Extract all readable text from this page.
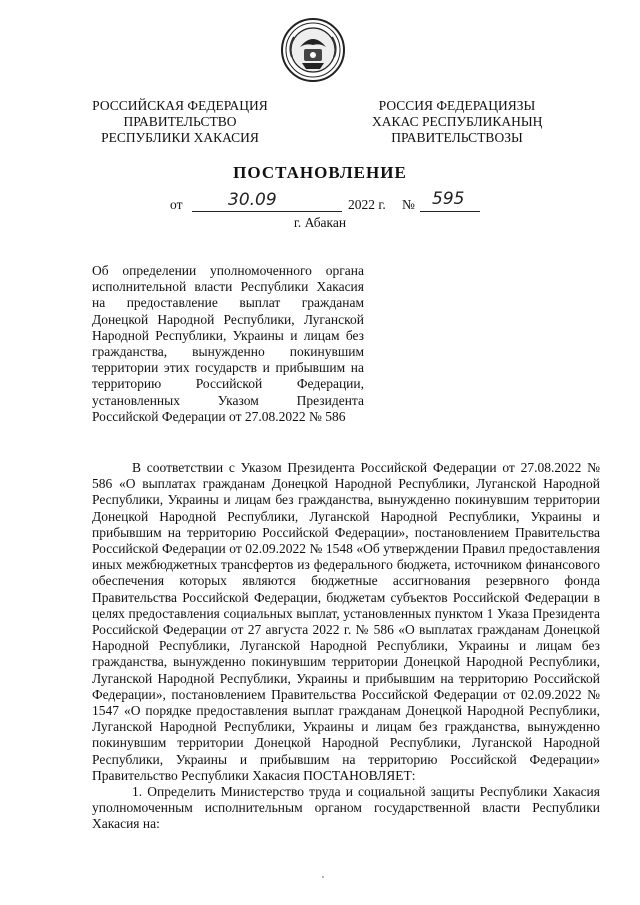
РОССИЙСКАЯ ФЕДЕРАЦИЯ
ПРАВИТЕЛЬСТВО
РЕСПУБЛИКИ ХАКАСИЯ
РОССИЯ ФЕДЕРАЦИЯЗЫ
ХАКАС РЕСПУБЛИКАНЫҢ
ПРАВИТЕЛЬСТВОЗЫ
ПОСТАНОВЛЕНИЕ
от	30.09	2022 г. № 595
г. Абакан
Об определении уполномоченного органа исполнительной власти Республики Хакасия на предоставление выплат гражданам Донецкой Народной Республики, Луганской Народной Республики, Украины и лицам без гражданства, вынужденно покинувшим территории этих государств и прибывшим на территорию Российской Федерации, установленных Указом Президента Российской Федерации от 27.08.2022 № 586

В соответствии с Указом Президента Российской Федерации от 27.08.2022 № 586 «О выплатах гражданам Донецкой Народной Республики, Луганской Народной Республики, Украины и лицам без гражданства, вынужденно покинувшим территории Донецкой Народной Республики, Луганской Народной Республики, Украины и прибывшим на территорию Российской Федерации», постановлением Правительства Российской Федерации от 02.09.2022 № 1548 «Об утверждении Правил предоставления иных межбюджетных трансфертов из федерального бюджета, источником финансового обеспечения которых являются бюджетные ассигнования резервного фонда Правительства Российской Федерации, бюджетам субъектов Российской Федерации в целях предоставления социальных выплат, установленных пунктом 1 Указа Президента Российской Федерации от 27 августа 2022 г. № 586 «О выплатах гражданам Донецкой Народной Республики, Луганской Народной Республики, Украины и лицам без гражданства, вынужденно покинувшим территории Донецкой Народной Республики, Луганской Народной Республики, Украины и прибывшим на территорию Российской Федерации», постановлением Правительства Российской Федерации от 02.09.2022 № 1547 «О порядке предоставления выплат гражданам Донецкой Народной Республики, Луганской Народной Республики, Украины и лицам без гражданства, вынужденно покинувшим территории Донецкой Народной Республики, Луганской Народной Республики, Украины и прибывшим на территорию Российской Федерации» Правительство Республики Хакасия ПОСТАНОВЛЯЕТ:

1. Определить Министерство труда и социальной защиты Республики Хакасия уполномоченным исполнительным органом государственной власти Республики Хакасия на:
